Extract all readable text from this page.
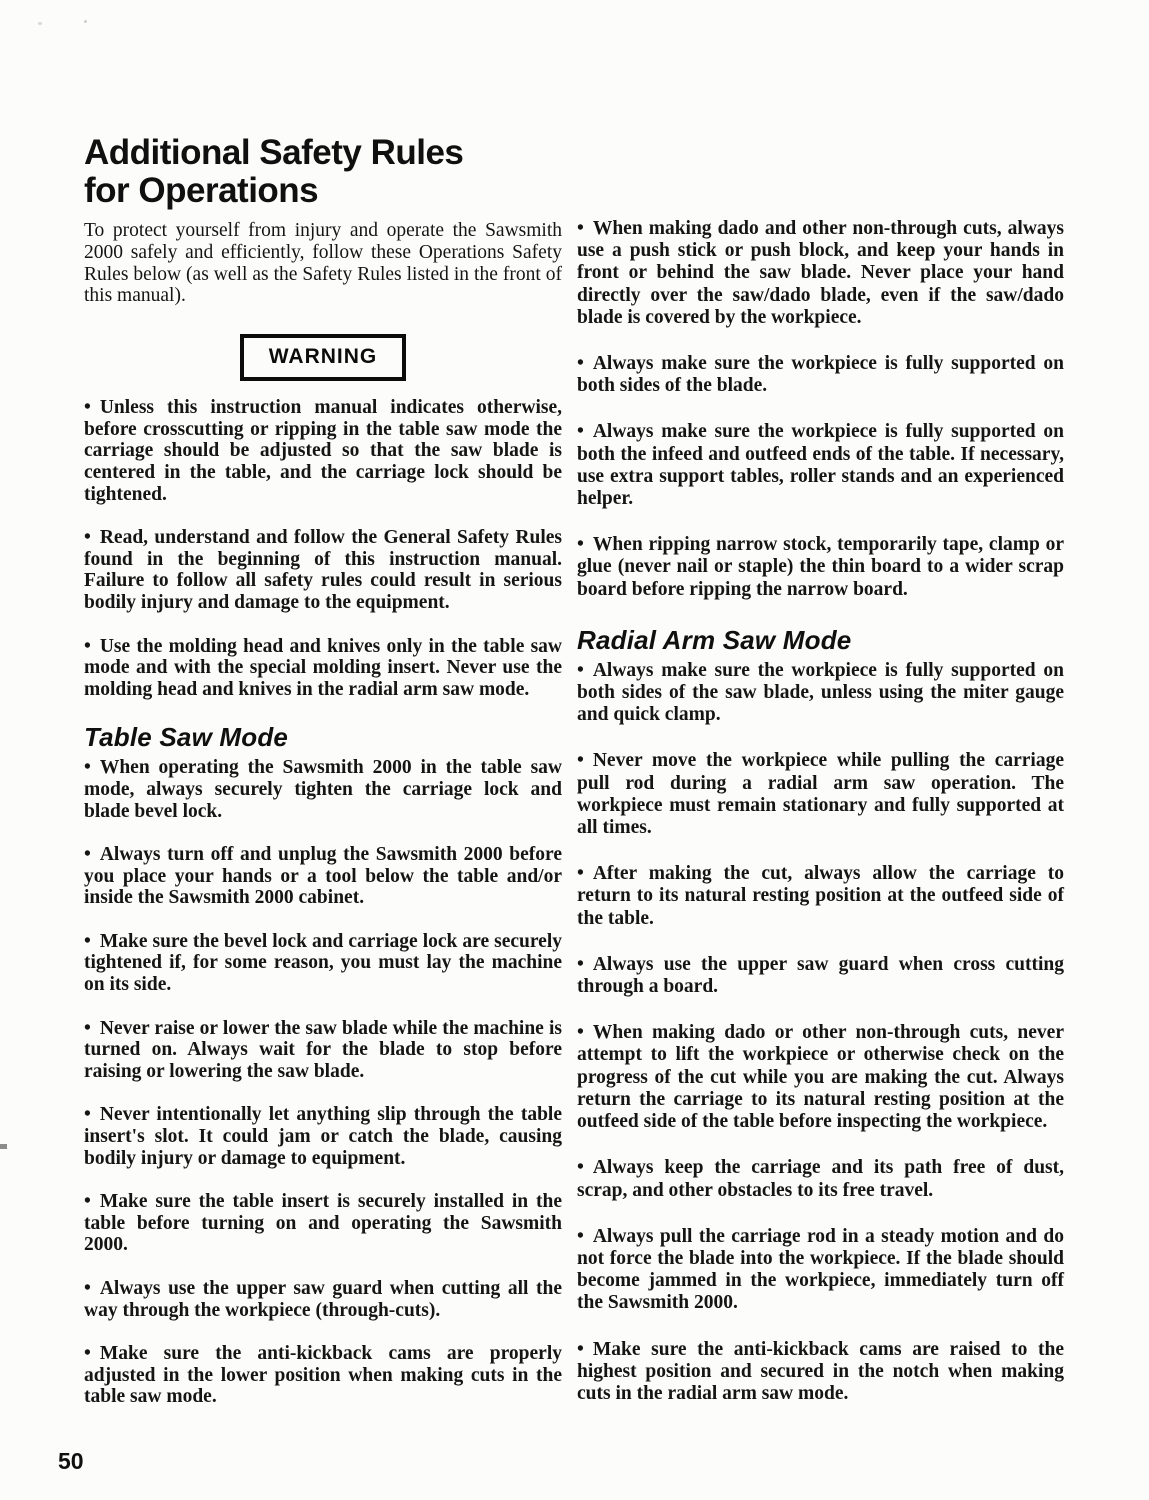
Additional Safety Rules
for Operations

To protect yourself from injury and operate the Sawsmith 2000 safely and efficiently, follow these Operations Safety Rules below (as well as the Safety Rules listed in the front of this manual).

WARNING

• Unless this instruction manual indicates otherwise, before crosscutting or ripping in the table saw mode the carriage should be adjusted so that the saw blade is centered in the table, and the carriage lock should be tightened.

• Read, understand and follow the General Safety Rules found in the beginning of this instruction manual. Failure to follow all safety rules could result in serious bodily injury and damage to the equipment.

• Use the molding head and knives only in the table saw mode and with the special molding insert. Never use the molding head and knives in the radial arm saw mode.

Table Saw Mode

• When operating the Sawsmith 2000 in the table saw mode, always securely tighten the carriage lock and blade bevel lock.

• Always turn off and unplug the Sawsmith 2000 before you place your hands or a tool below the table and/or inside the Sawsmith 2000 cabinet.

• Make sure the bevel lock and carriage lock are securely tightened if, for some reason, you must lay the machine on its side.

• Never raise or lower the saw blade while the machine is turned on. Always wait for the blade to stop before raising or lowering the saw blade.

• Never intentionally let anything slip through the table insert's slot. It could jam or catch the blade, causing bodily injury or damage to equipment.

• Make sure the table insert is securely installed in the table before turning on and operating the Sawsmith 2000.

• Always use the upper saw guard when cutting all the way through the workpiece (through-cuts).

• Make sure the anti-kickback cams are properly adjusted in the lower position when making cuts in the table saw mode.

• When making dado and other non-through cuts, always use a push stick or push block, and keep your hands in front or behind the saw blade. Never place your hand directly over the saw/dado blade, even if the saw/dado blade is covered by the workpiece.

• Always make sure the workpiece is fully supported on both sides of the blade.

• Always make sure the workpiece is fully supported on both the infeed and outfeed ends of the table. If necessary, use extra support tables, roller stands and an experienced helper.

• When ripping narrow stock, temporarily tape, clamp or glue (never nail or staple) the thin board to a wider scrap board before ripping the narrow board.

Radial Arm Saw Mode

• Always make sure the workpiece is fully supported on both sides of the saw blade, unless using the miter gauge and quick clamp.

• Never move the workpiece while pulling the carriage pull rod during a radial arm saw operation. The workpiece must remain stationary and fully supported at all times.

• After making the cut, always allow the carriage to return to its natural resting position at the outfeed side of the table.

• Always use the upper saw guard when cross cutting through a board.

• When making dado or other non-through cuts, never attempt to lift the workpiece or otherwise check on the progress of the cut while you are making the cut. Always return the carriage to its natural resting position at the outfeed side of the table before inspecting the workpiece.

• Always keep the carriage and its path free of dust, scrap, and other obstacles to its free travel.

• Always pull the carriage rod in a steady motion and do not force the blade into the workpiece. If the blade should become jammed in the workpiece, immediately turn off the Sawsmith 2000.

• Make sure the anti-kickback cams are raised to the highest position and secured in the notch when making cuts in the radial arm saw mode.

50
